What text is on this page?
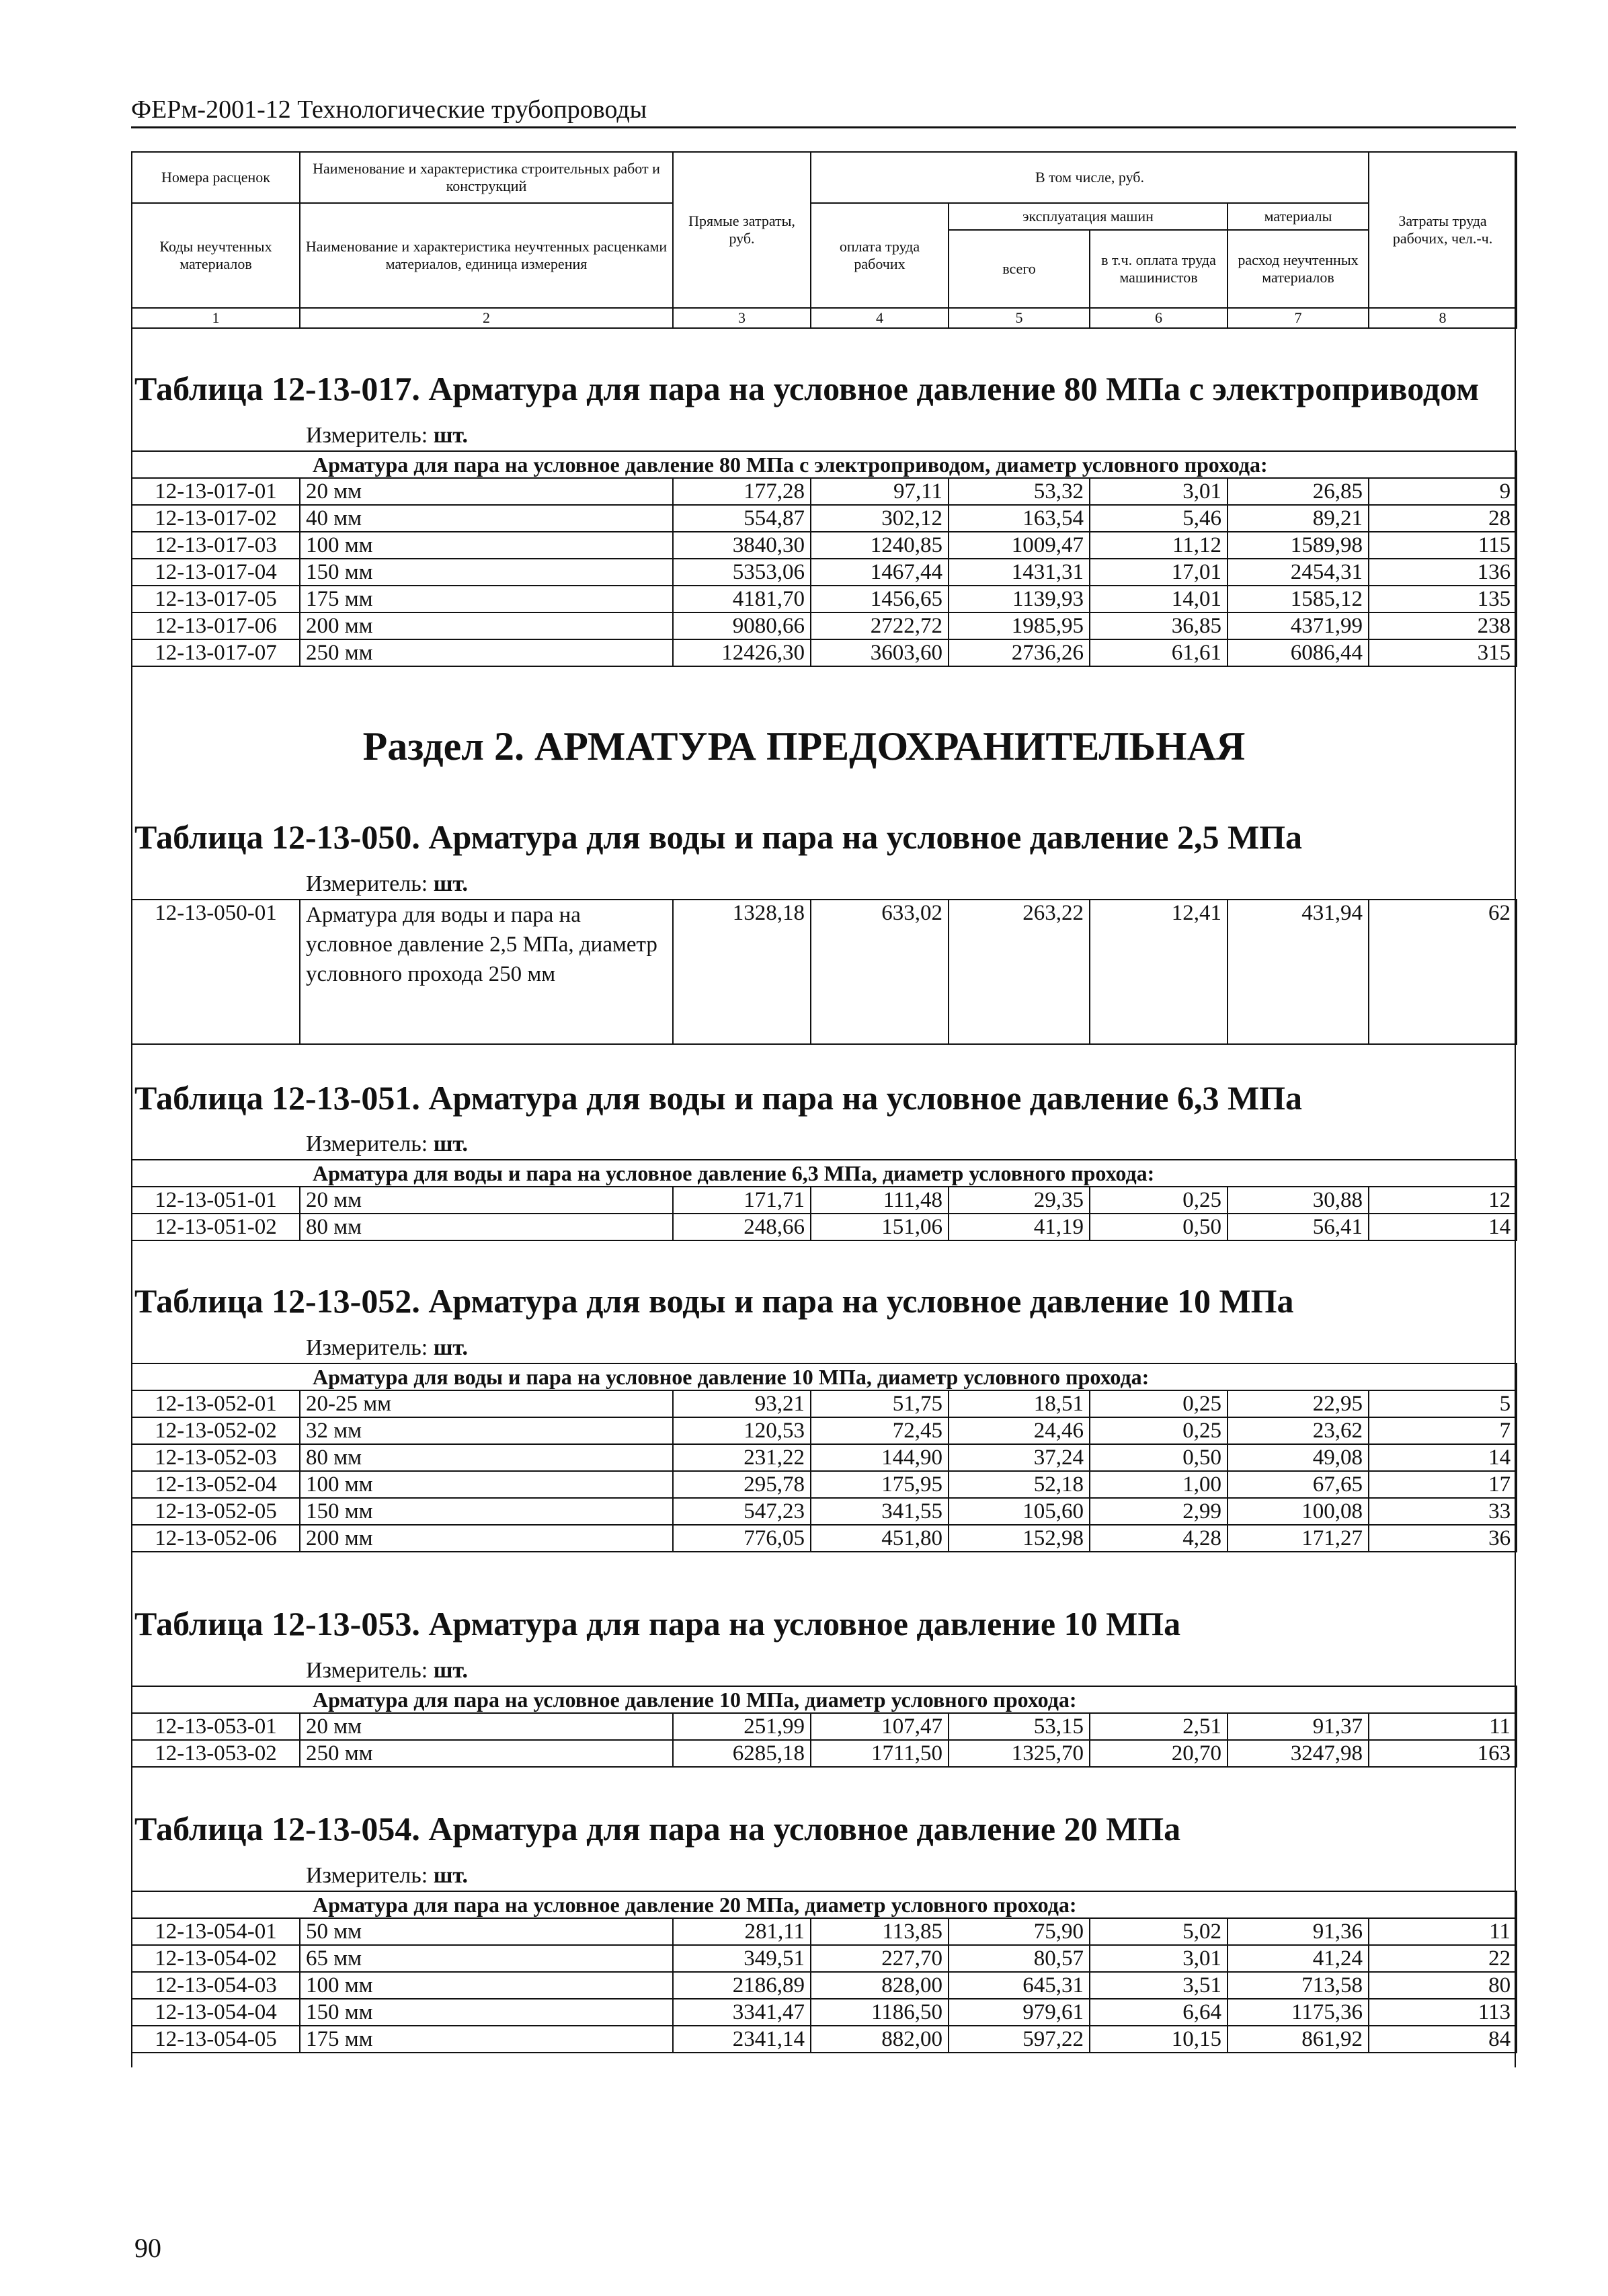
ФЕРм-2001-12 Технологические трубопроводы
Номера расценок	Наименование и характеристика строительных работ и конструкций	Прямые затраты, руб.	В том числе, руб.				Затраты труда рабочих, чел.-ч.
Коды неучтенных материалов	Наименование и характеристика неучтенных расценками материалов, единица измерения		оплата труда рабочих	эксплуатация машин		материалы	
				всего	в т.ч. оплата труда машинистов	расход неучтенных материалов	
1	2	3	4	5	6	7	8
Таблица 12-13-017. Арматура для пара на условное давление 80 МПа с электроприводом
Измеритель: шт.
Арматура для пара на условное давление 80 МПа с электроприводом, диаметр условного прохода:							
12-13-017-01	20 мм	177,28	97,11	53,32	3,01	26,85	9
12-13-017-02	40 мм	554,87	302,12	163,54	5,46	89,21	28
12-13-017-03	100 мм	3840,30	1240,85	1009,47	11,12	1589,98	115
12-13-017-04	150 мм	5353,06	1467,44	1431,31	17,01	2454,31	136
12-13-017-05	175 мм	4181,70	1456,65	1139,93	14,01	1585,12	135
12-13-017-06	200 мм	9080,66	2722,72	1985,95	36,85	4371,99	238
12-13-017-07	250 мм	12426,30	3603,60	2736,26	61,61	6086,44	315
Раздел 2. АРМАТУРА ПРЕДОХРАНИТЕЛЬНАЯ
Таблица 12-13-050. Арматура для воды и пара на условное давление 2,5 МПа
Измеритель: шт.
12-13-050-01	Арматура для воды и пара на условное давление 2,5 МПа, диаметр условного прохода 250 мм	1328,18	633,02	263,22	12,41	431,94	62
Таблица 12-13-051. Арматура для воды и пара на условное давление 6,3 МПа
Измеритель: шт.
Арматура для воды и пара на условное давление 6,3 МПа, диаметр условного прохода:							
12-13-051-01	20 мм	171,71	111,48	29,35	0,25	30,88	12
12-13-051-02	80 мм	248,66	151,06	41,19	0,50	56,41	14
Таблица 12-13-052. Арматура для воды и пара на условное давление 10 МПа
Измеритель: шт.
Арматура для воды и пара на условное давление 10 МПа, диаметр условного прохода:							
12-13-052-01	20-25 мм	93,21	51,75	18,51	0,25	22,95	5
12-13-052-02	32 мм	120,53	72,45	24,46	0,25	23,62	7
12-13-052-03	80 мм	231,22	144,90	37,24	0,50	49,08	14
12-13-052-04	100 мм	295,78	175,95	52,18	1,00	67,65	17
12-13-052-05	150 мм	547,23	341,55	105,60	2,99	100,08	33
12-13-052-06	200 мм	776,05	451,80	152,98	4,28	171,27	36
Таблица 12-13-053. Арматура для пара на условное давление 10 МПа
Измеритель: шт.
Арматура для пара на условное давление 10 МПа, диаметр условного прохода:							
12-13-053-01	20 мм	251,99	107,47	53,15	2,51	91,37	11
12-13-053-02	250 мм	6285,18	1711,50	1325,70	20,70	3247,98	163
Таблица 12-13-054. Арматура для пара на условное давление 20 МПа
Измеритель: шт.
Арматура для пара на условное давление 20 МПа, диаметр условного прохода:							
12-13-054-01	50 мм	281,11	113,85	75,90	5,02	91,36	11
12-13-054-02	65 мм	349,51	227,70	80,57	3,01	41,24	22
12-13-054-03	100 мм	2186,89	828,00	645,31	3,51	713,58	80
12-13-054-04	150 мм	3341,47	1186,50	979,61	6,64	1175,36	113
12-13-054-05	175 мм	2341,14	882,00	597,22	10,15	861,92	84
90
